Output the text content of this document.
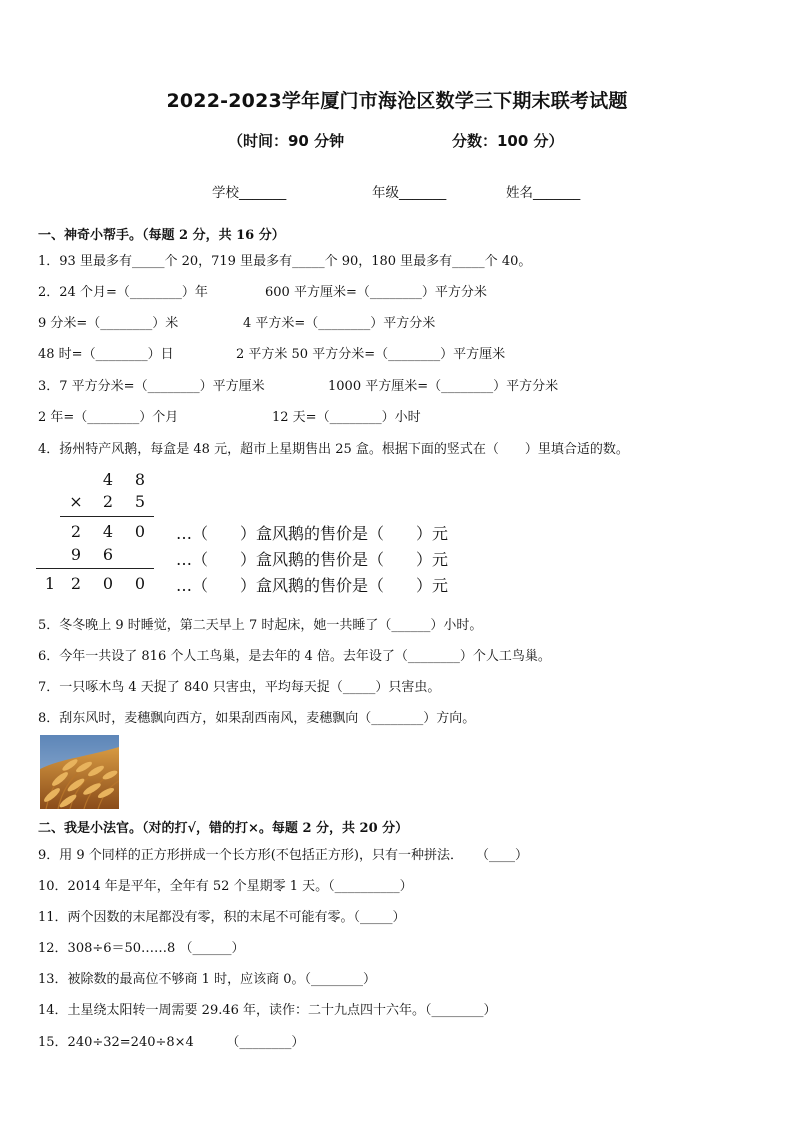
2022-2023学年厦门市海沧区数学三下期末联考试题
（时间：90 分钟	分数：100 分）
学校_______	年级_______	姓名_______
一、神奇小帮手。（每题 2 分，共 16 分）
1．93 里最多有_____个 20，719 里最多有_____个 90，180 里最多有_____个 40。
2．24 个月=（________）年	600 平方厘米=（________）平方分米
9 分米=（________）米	4 平方米=（________）平方分米
48 时=（________）日	2 平方米 50 平方分米=（________）平方厘米
3．7 平方分米=（________）平方厘米	1000 平方厘米=（________）平方分米
2 年=（________）个月	12 天=（________）小时
4．扬州特产风鹅，每盒是 48 元，超市上星期售出 25 盒。根据下面的竖式在（　　）里填合适的数。
4	8
×	2	5
2	4	0
9	6
1 2	0	0
…（　　）盒风鹅的售价是（　　）元
…（　　）盒风鹅的售价是（　　）元
…（　　）盒风鹅的售价是（　　）元
5．冬冬晚上 9 时睡觉，第二天早上 7 时起床，她一共睡了（______）小时。
6．今年一共设了 816 个人工鸟巢，是去年的 4 倍。去年设了（________）个人工鸟巢。
7．一只啄木鸟 4 天捉了 840 只害虫，平均每天捉（_____）只害虫。
8．刮东风时，麦穗飘向西方，如果刮西南风，麦穗飘向（________）方向。
二、我是小法官。（对的打√，错的打×。每题 2 分，共 20 分）
9．用 9 个同样的正方形拼成一个长方形(不包括正方形)，只有一种拼法．　　（____）
10．2014 年是平年，全年有 52 个星期零 1 天。（__________）
11．两个因数的末尾都没有零，积的末尾不可能有零。（_____）
12．308÷6＝50……8 （______）
13．被除数的最高位不够商 1 时，应该商 0。（________）
14．土星绕太阳转一周需要 29.46 年，读作：二十九点四十六年。（________）
15．240÷32=240÷8×4　　　（________）
